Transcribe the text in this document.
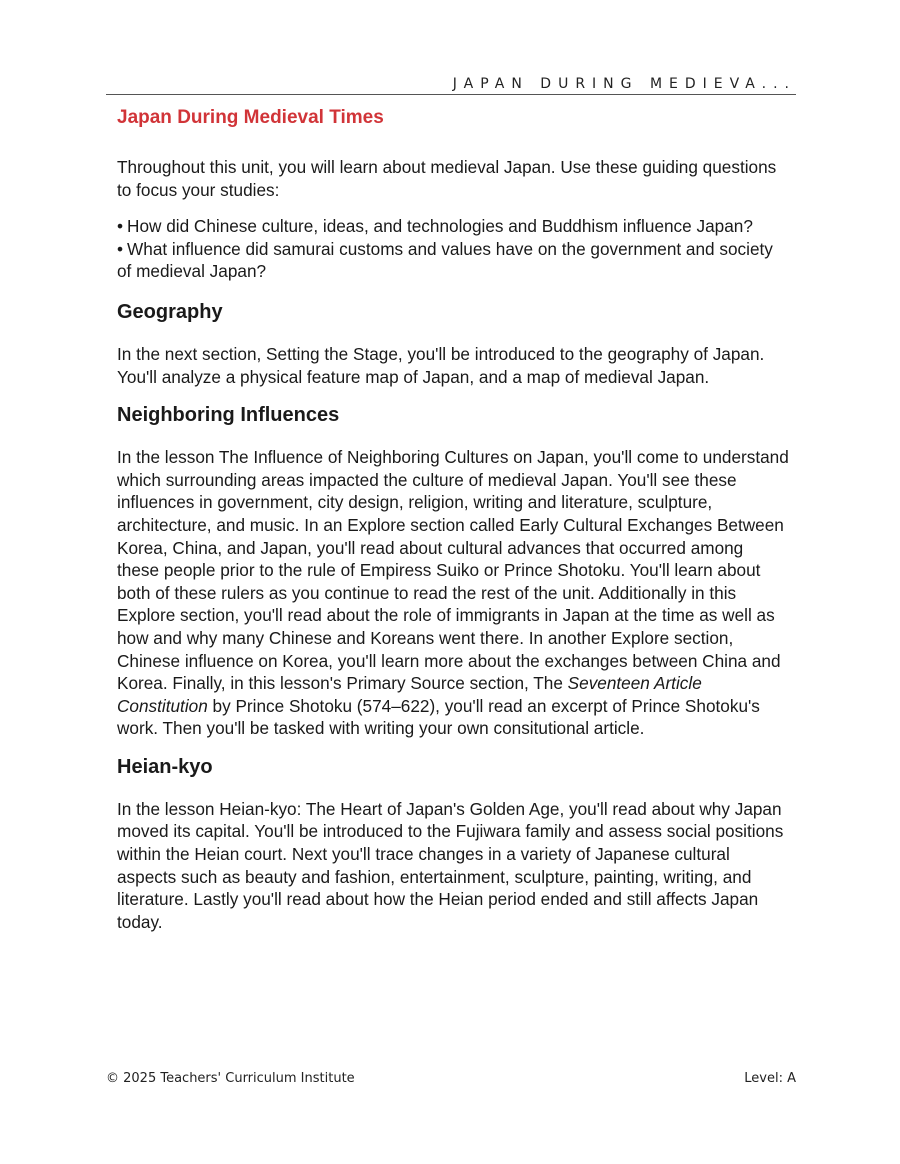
JAPAN DURING MEDIEVA...
Japan During Medieval Times

Throughout this unit, you will learn about medieval Japan. Use these guiding questions to focus your studies:

• How did Chinese culture, ideas, and technologies and Buddhism influence Japan?
• What influence did samurai customs and values have on the government and society of medieval Japan?
Geography

In the next section, Setting the Stage, you'll be introduced to the geography of Japan. You'll analyze a physical feature map of Japan, and a map of medieval Japan.

Neighboring Influences

In the lesson The Influence of Neighboring Cultures on Japan, you'll come to understand which surrounding areas impacted the culture of medieval Japan. You'll see these influences in government, city design, religion, writing and literature, sculpture, architecture, and music. In an Explore section called Early Cultural Exchanges Between Korea, China, and Japan, you'll read about cultural advances that occurred among these people prior to the rule of Empiress Suiko or Prince Shotoku. You'll learn about both of these rulers as you continue to read the rest of the unit. Additionally in this Explore section, you'll read about the role of immigrants in Japan at the time as well as how and why many Chinese and Koreans went there. In another Explore section, Chinese influence on Korea, you'll learn more about the exchanges between China and Korea. Finally, in this lesson's Primary Source section, The Seventeen Article Constitution by Prince Shotoku (574–622), you'll read an excerpt of Prince Shotoku's work. Then you'll be tasked with writing your own consitutional article.

Heian-kyo

In the lesson Heian-kyo: The Heart of Japan's Golden Age, you'll read about why Japan moved its capital. You'll be introduced to the Fujiwara family and assess social positions within the Heian court. Next you'll trace changes in a variety of Japanese cultural aspects such as beauty and fashion, entertainment, sculpture, painting, writing, and literature. Lastly you'll read about how the Heian period ended and still affects Japan today.

© 2025 Teachers' Curriculum Institute	Level: A
